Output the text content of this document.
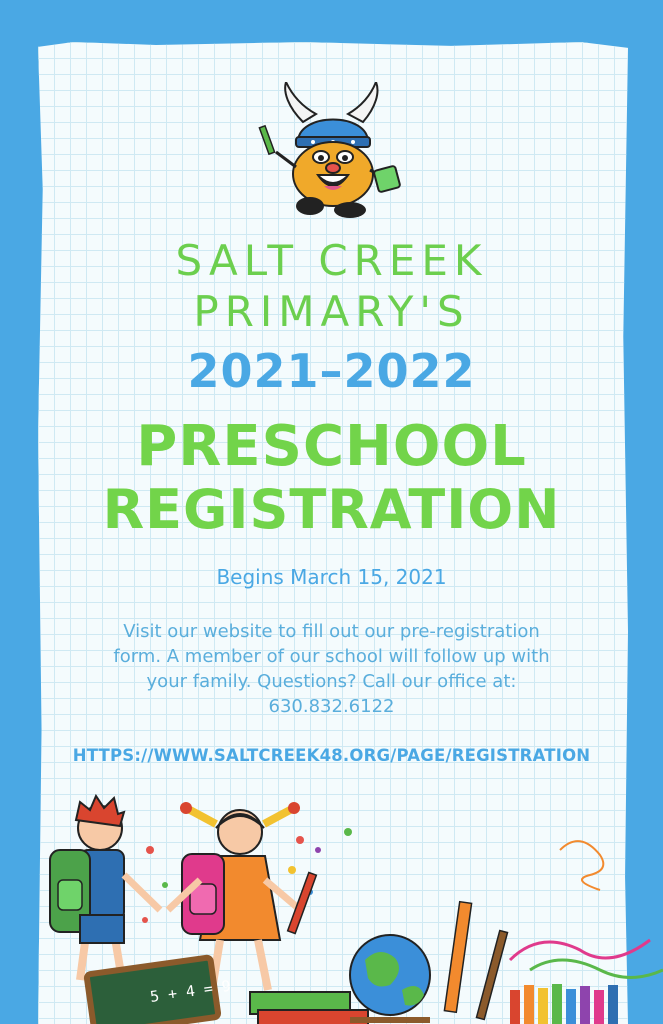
SALT CREEK
PRIMARY'S
2021–2022
PRESCHOOL
REGISTRATION
Begins March 15, 2021
Visit our website to fill out our pre-registration
form. A member of our school will follow up with
your family. Questions? Call our office at:
630.832.6122
HTTPS://WWW.SALTCREEK48.ORG/PAGE/REGISTRATION
5 + 4 = 9
